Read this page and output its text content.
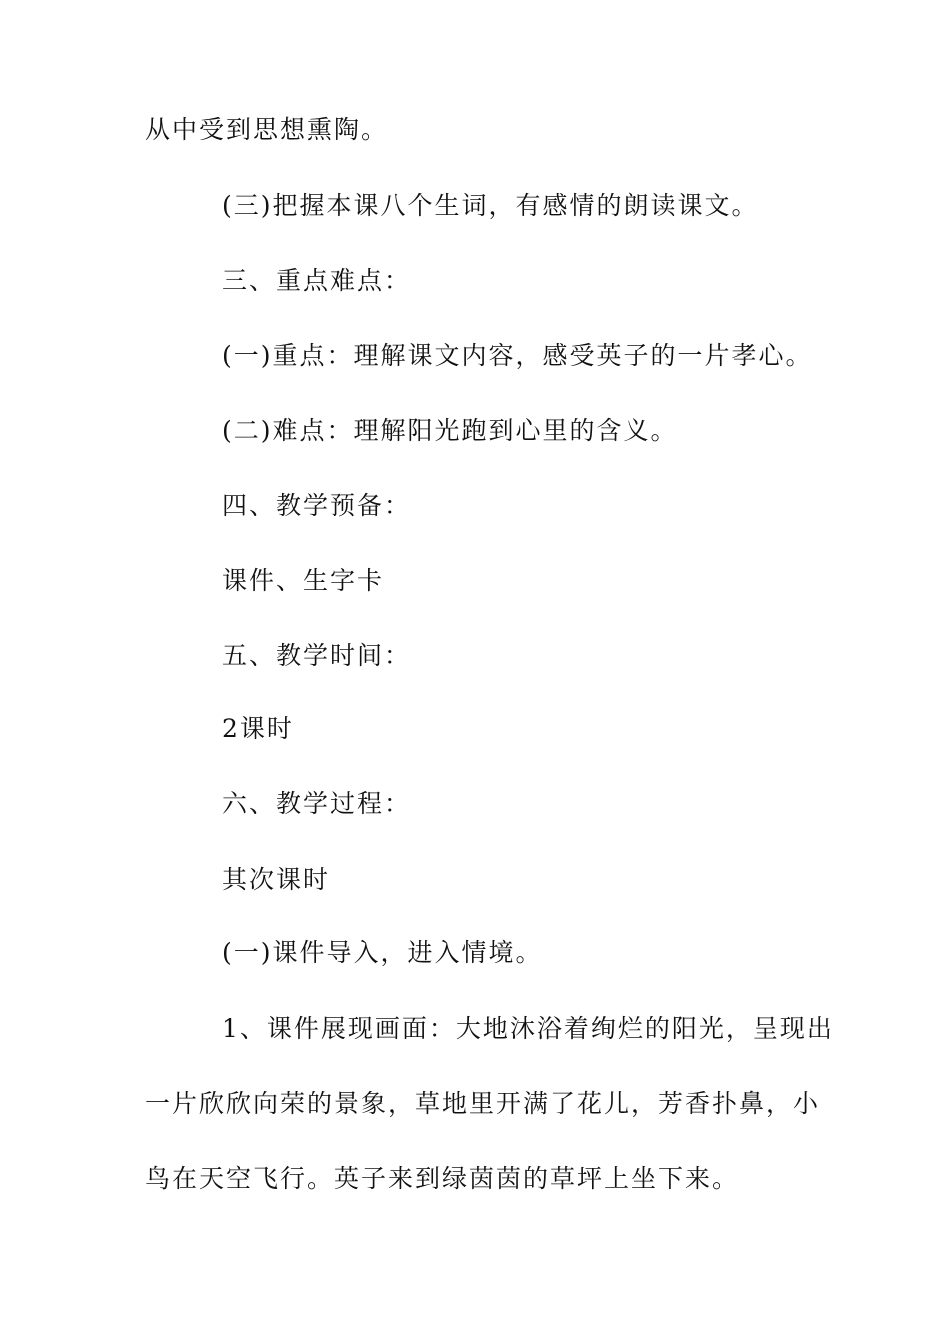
从中受到思想熏陶。
(三)把握本课八个生词，有感情的朗读课文。
三、重点难点：
(一)重点：理解课文内容，感受英子的一片孝心。
(二)难点：理解阳光跑到心里的含义。
四、教学预备：
课件、生字卡
五、教学时间：
2课时
六、教学过程：
其次课时
(一)课件导入，进入情境。
1、课件展现画面：大地沐浴着绚烂的阳光，呈现出
一片欣欣向荣的景象，草地里开满了花儿，芳香扑鼻，小
鸟在天空飞行。英子来到绿茵茵的草坪上坐下来。
